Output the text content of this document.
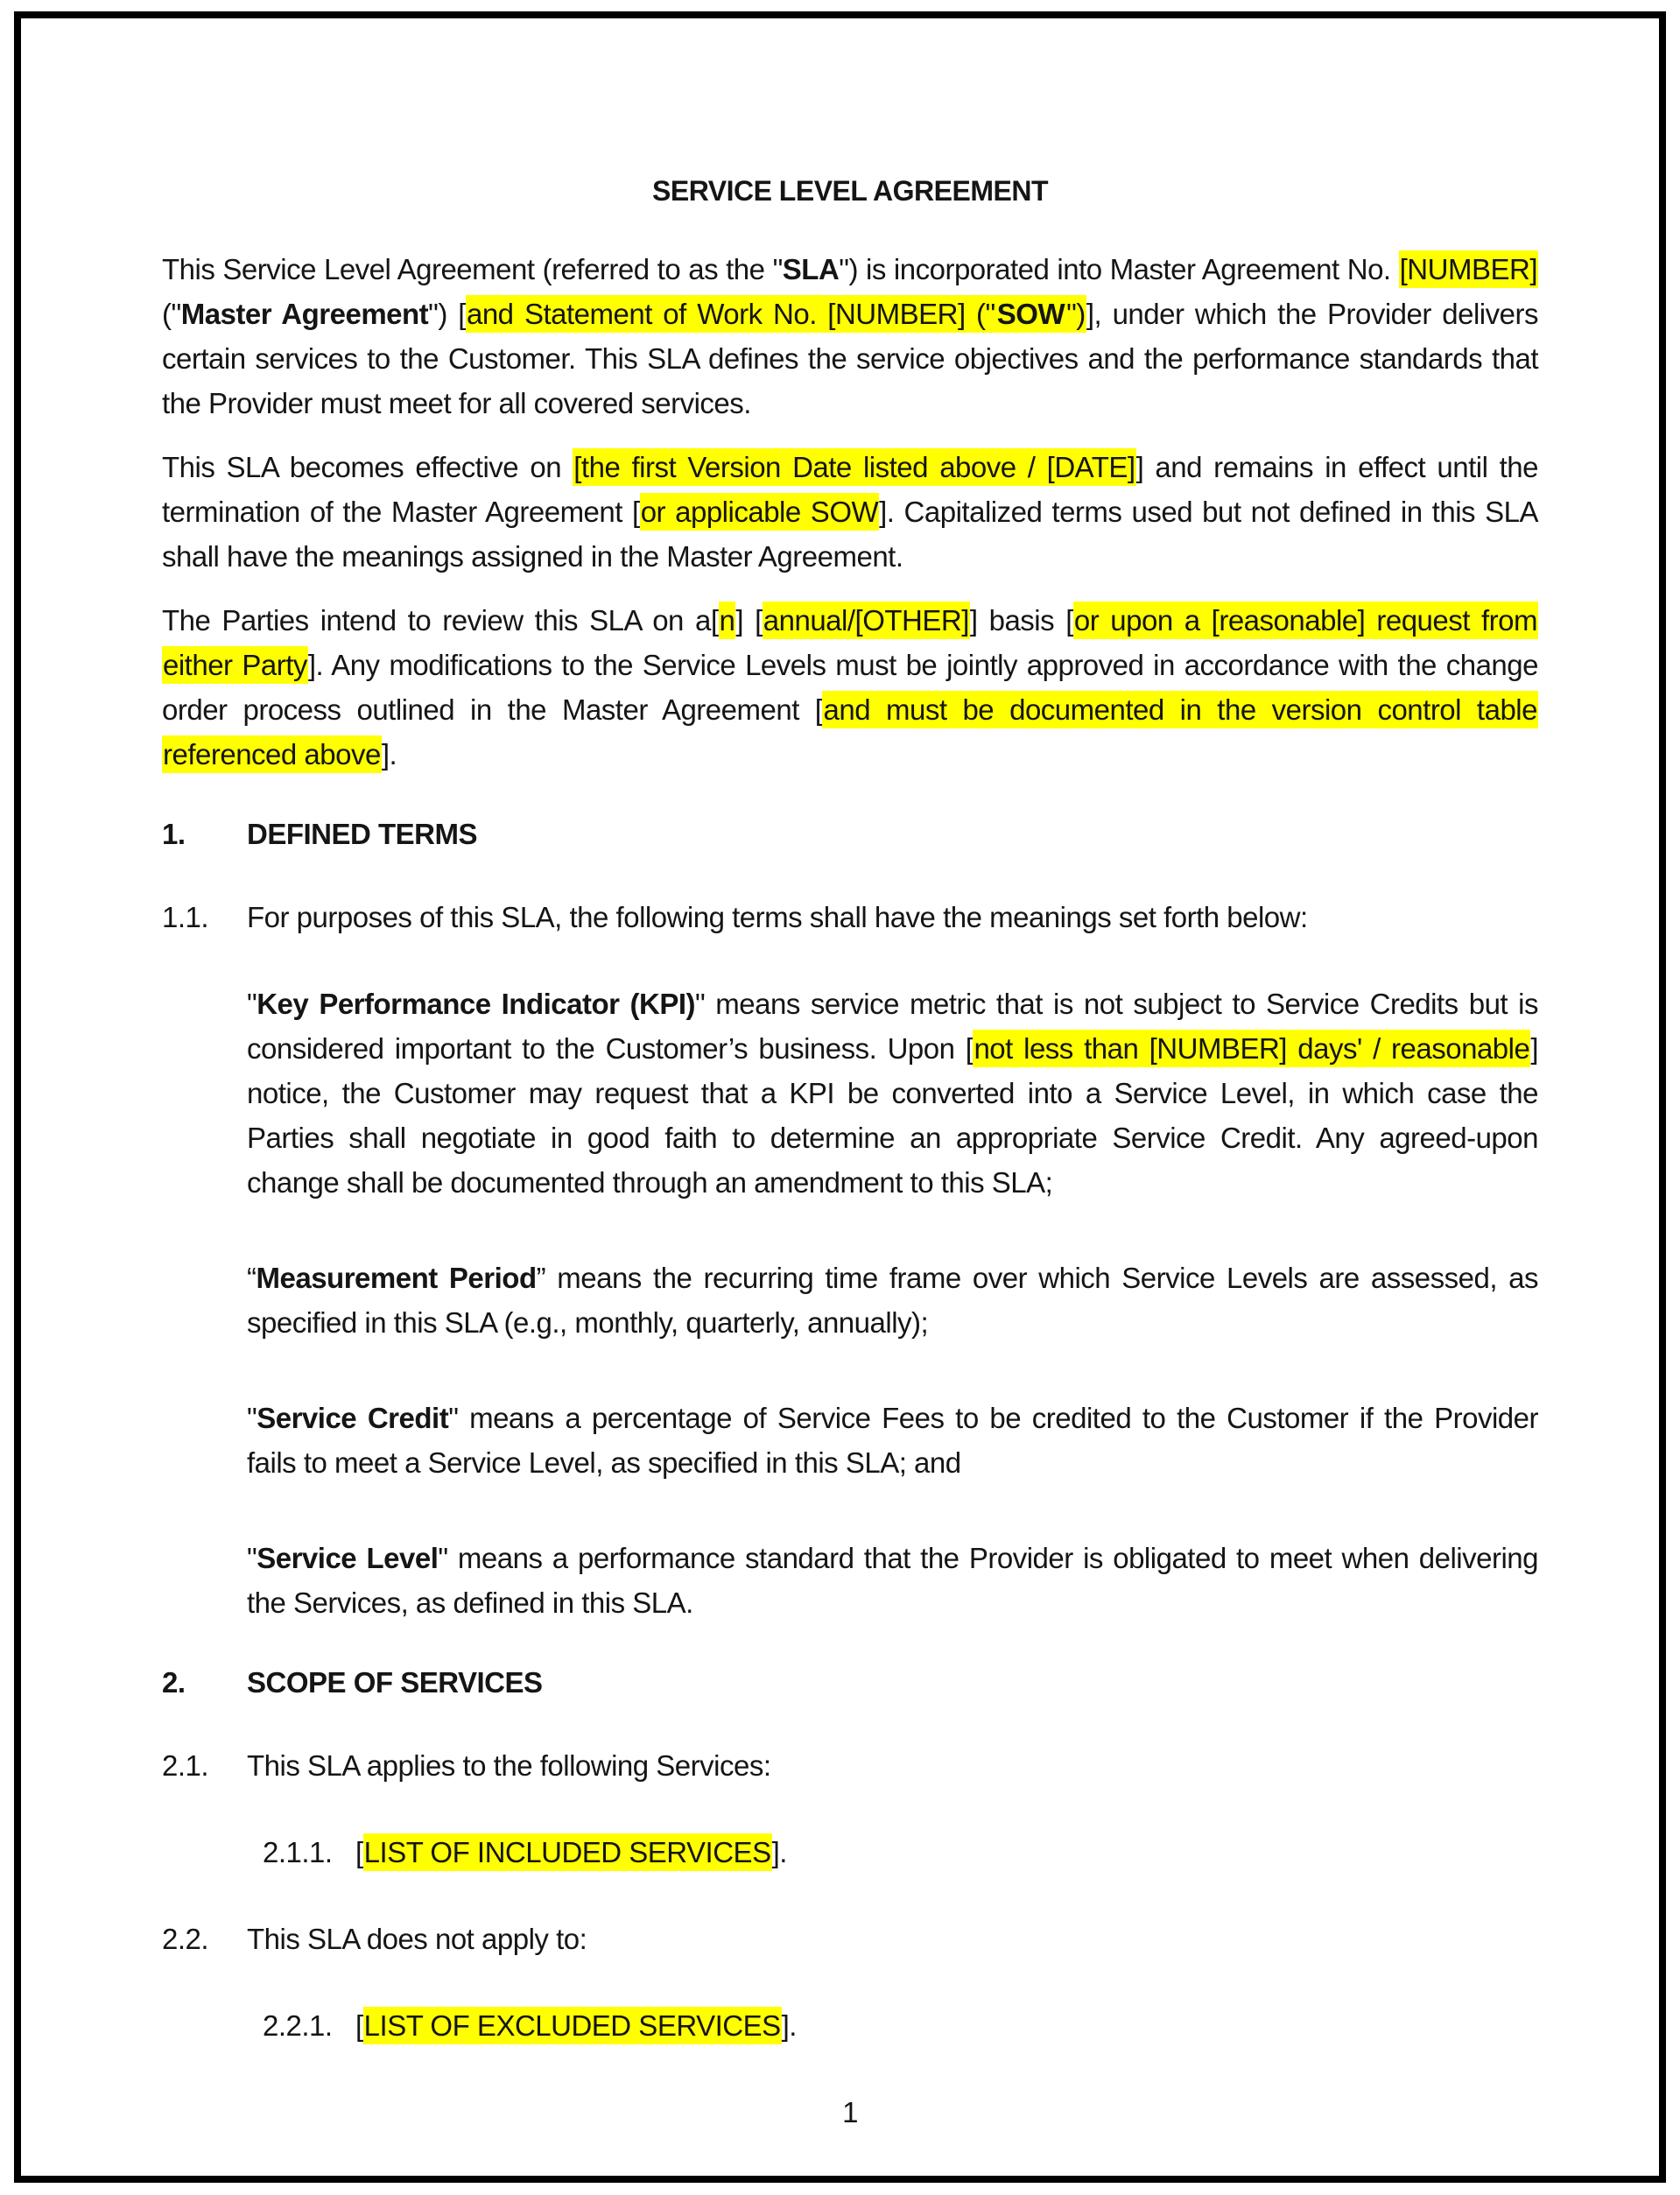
SERVICE LEVEL AGREEMENT

This Service Level Agreement (referred to as the "SLA") is incorporated into Master Agreement No. [NUMBER] ("Master Agreement") [and Statement of Work No. [NUMBER] ("SOW")], under which the Provider delivers certain services to the Customer. This SLA defines the service objectives and the performance standards that the Provider must meet for all covered services.

This SLA becomes effective on [the first Version Date listed above / [DATE]] and remains in effect until the termination of the Master Agreement [or applicable SOW]. Capitalized terms used but not defined in this SLA shall have the meanings assigned in the Master Agreement.

The Parties intend to review this SLA on a[n] [annual/[OTHER]] basis [or upon a [reasonable] request from either Party]. Any modifications to the Service Levels must be jointly approved in accordance with the change order process outlined in the Master Agreement [and must be documented in the version control table referenced above].

1.	DEFINED TERMS
1.1.	For purposes of this SLA, the following terms shall have the meanings set forth below:

"Key Performance Indicator (KPI)" means service metric that is not subject to Service Credits but is considered important to the Customer’s business. Upon [not less than [NUMBER] days' / reasonable] notice, the Customer may request that a KPI be converted into a Service Level, in which case the Parties shall negotiate in good faith to determine an appropriate Service Credit. Any agreed-upon change shall be documented through an amendment to this SLA;

“Measurement Period” means the recurring time frame over which Service Levels are assessed, as specified in this SLA (e.g., monthly, quarterly, annually);

"Service Credit" means a percentage of Service Fees to be credited to the Customer if the Provider fails to meet a Service Level, as specified in this SLA; and

"Service Level" means a performance standard that the Provider is obligated to meet when delivering the Services, as defined in this SLA.

2.	SCOPE OF SERVICES
2.1.	This SLA applies to the following Services:
2.1.1. [LIST OF INCLUDED SERVICES].
2.2.	This SLA does not apply to:
2.2.1. [LIST OF EXCLUDED SERVICES].
1
